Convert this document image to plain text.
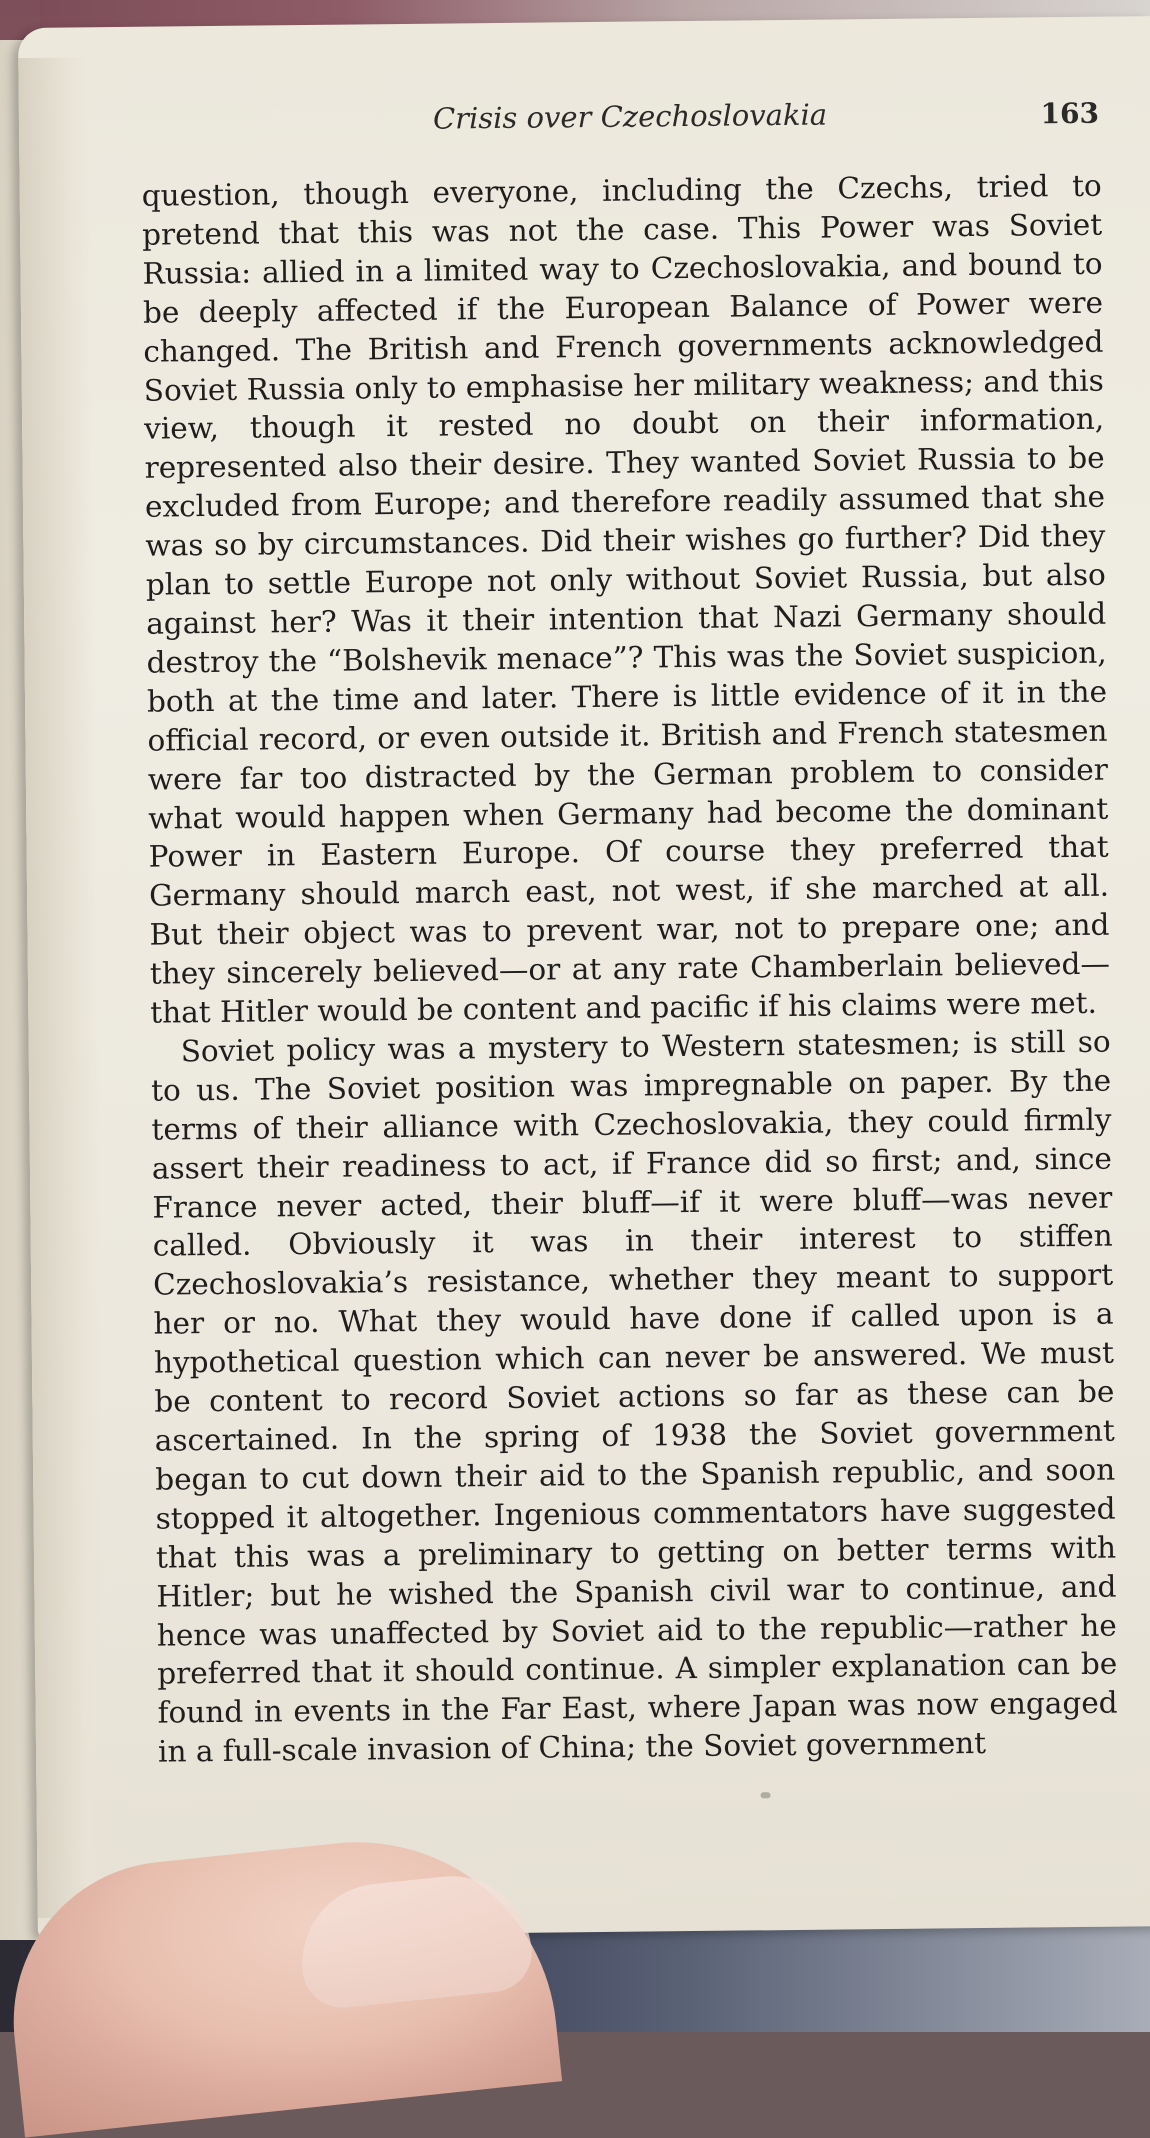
Crisis over Czechoslovakia	163

question, though everyone, including the Czechs, tried to pretend that this was not the case. This Power was Soviet Russia: allied in a limited way to Czechoslovakia, and bound to be deeply affected if the European Balance of Power were changed. The British and French governments acknowledged Soviet Russia only to emphasise her military weakness; and this view, though it rested no doubt on their information, represented also their desire. They wanted Soviet Russia to be excluded from Europe; and therefore readily assumed that she was so by circumstances. Did their wishes go further? Did they plan to settle Europe not only without Soviet Russia, but also against her? Was it their intention that Nazi Germany should destroy the “Bolshevik menace”? This was the Soviet suspicion, both at the time and later. There is little evidence of it in the official record, or even outside it. British and French statesmen were far too distracted by the German problem to consider what would happen when Germany had become the dominant Power in Eastern Europe. Of course they preferred that Germany should march east, not west, if she marched at all. But their object was to prevent war, not to prepare one; and they sincerely believed—or at any rate Chamberlain believed—that Hitler would be content and pacific if his claims were met.

Soviet policy was a mystery to Western statesmen; is still so to us. The Soviet position was impregnable on paper. By the terms of their alliance with Czechoslovakia, they could firmly assert their readiness to act, if France did so first; and, since France never acted, their bluff—if it were bluff—was never called. Obviously it was in their interest to stiffen Czechoslovakia’s resistance, whether they meant to support her or no. What they would have done if called upon is a hypothetical question which can never be answered. We must be content to record Soviet actions so far as these can be ascertained. In the spring of 1938 the Soviet government began to cut down their aid to the Spanish republic, and soon stopped it altogether. Ingenious commentators have suggested that this was a preliminary to getting on better terms with Hitler; but he wished the Spanish civil war to continue, and hence was unaffected by Soviet aid to the republic—rather he preferred that it should continue. A simpler explanation can be found in events in the Far East, where Japan was now engaged in a full-scale invasion of China; the Soviet government
